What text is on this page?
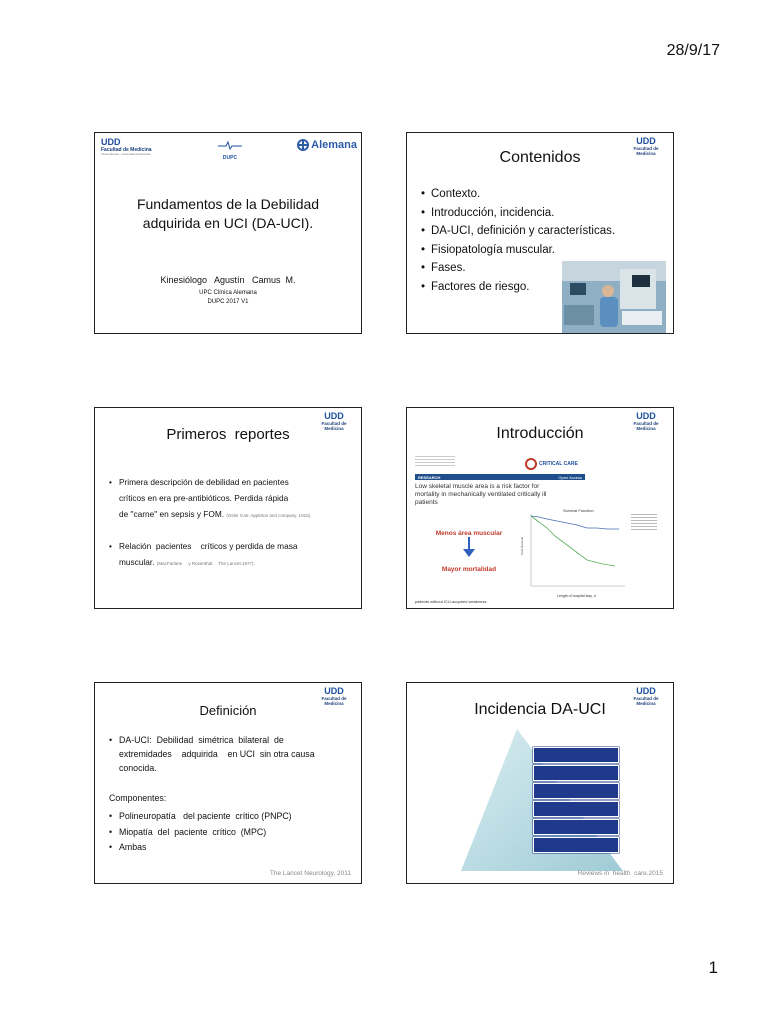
28/9/17
UDD
Facultad de Medicina
Clínica Alemana · Universidad del Desarrollo
DUPC
Alemana
Fundamentos de la Debilidad
adquirida en UCI (DA-UCI).
Kinesiólogo   Agustín   Camus  M.
UPC Clínica Alemana
DUPC 2017 V1
UDD
Facultad de Medicina
Contenidos
• Contexto.
• Introducción, incidencia.
• DA-UCI, definición y características.
• Fisiopatología muscular.
• Fases.
• Factores de riesgo.
UDD
Facultad de Medicina
Primeros  reportes
• Primera descripción de debilidad en pacientes
críticos en era pre-antibióticos. Perdida rápida
de "carne" en sepsis y FOM. (Osler S.W. Appleton and company. 1915).
• Relación  pacientes    críticos y perdida de masa
muscular. (MacFarlane     y Rosenthal.    The Lancet.1977).
UDD
Facultad de Medicina
Introducción
CRITICAL CARE
RESEARCH	Open Access
Low skeletal muscle area is a risk factor for mortality in mechanically ventilated critically ill patients
Menos área muscular
Mayor mortalidad
Survival Function
Cum Survival
Length of hospital stay, d
patients without ICU-acquired weakness.
UDD
Facultad de Medicina
Definición
• DA-UCI:  Debilidad  simétrica  bilateral  de
extremidades    adquirida    en UCI  sin otra causa
conocida.
Componentes:
• Polineuropatía   del paciente  crítico (PNPC)
• Miopatía  del  paciente  crítico  (MPC)
• Ambas
The Lancet Neurology, 2011
UDD
Facultad de Medicina
Incidencia DA-UCI
Reviews in  health  care.2015
1
